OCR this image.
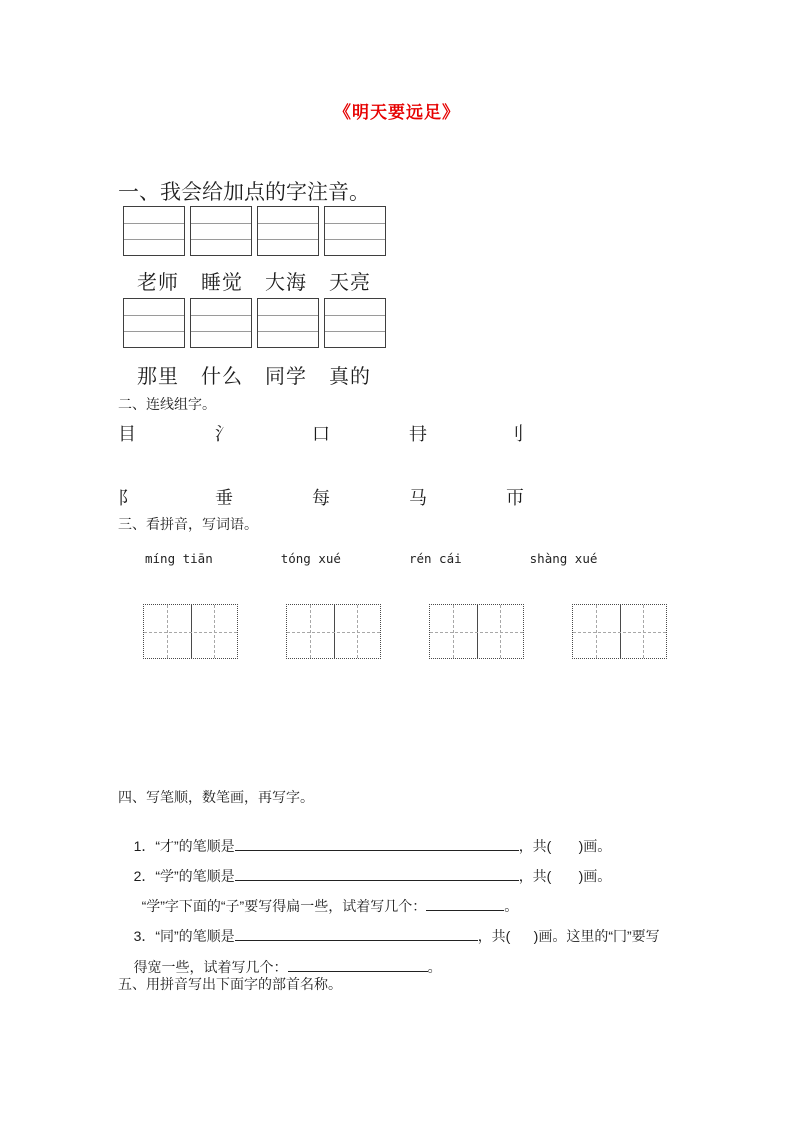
《明天要远足》
一、我会给加点的字注音。
老师 睡觉 大海 天亮
那里 什么 同学 真的
二、连线组字。
目	氵	口	冄	刂
阝	垂	每	马	帀
三、看拼音，写词语。
míng tiān	tóng xué	rén cái	shàng xué
四、写笔顺，数笔画，再写字。

1．“才”的笔顺是	，共(       )画。

2．“学”的笔顺是	，共(       )画。

“学”字下面的“子”要写得扁一些，试着写几个：	。

3．“同”的笔顺是	，共(      )画。这里的“冂”要写

得宽一些，试着写几个：	。

五、用拼音写出下面字的部首名称。
